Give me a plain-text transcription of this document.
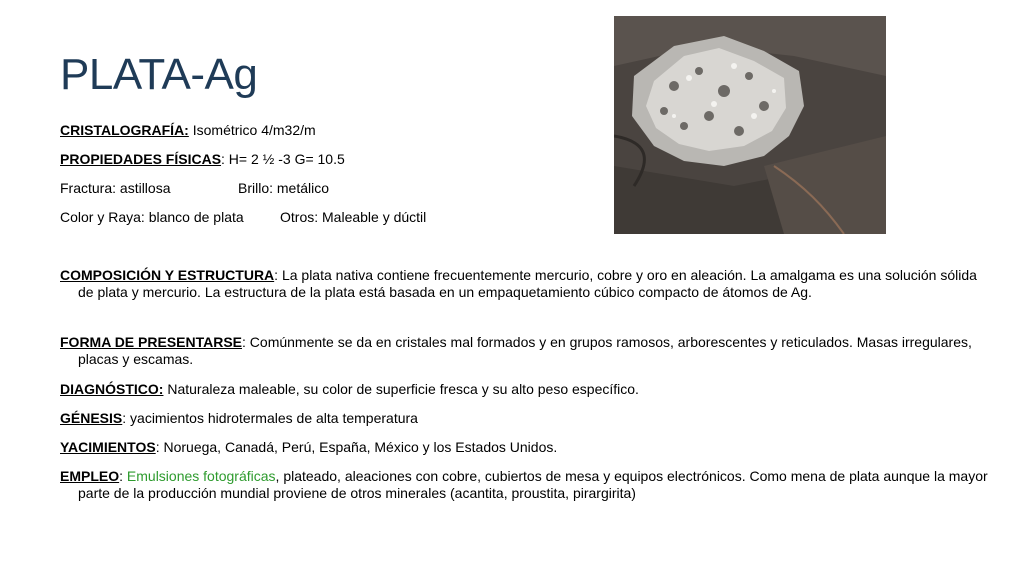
PLATA-Ag
CRISTALOGRAFÍA: Isométrico 4/m32/m
PROPIEDADES FÍSICAS: H= 2 ½ -3 G= 10.5
Fractura: astillosa	Brillo: metálico
Color y Raya: blanco de plata	Otros: Maleable y dúctil
COMPOSICIÓN Y ESTRUCTURA: La plata nativa contiene frecuentemente mercurio, cobre y oro en aleación. La amalgama es una solución sólida de plata y mercurio. La estructura de la plata está basada en un empaquetamiento cúbico compacto de átomos de Ag.
FORMA DE PRESENTARSE: Comúnmente se da en cristales mal formados y en grupos ramosos, arborescentes y reticulados. Masas irregulares, placas y escamas.
DIAGNÓSTICO: Naturaleza maleable, su color de superficie fresca y su alto peso específico.
GÉNESIS: yacimientos hidrotermales de alta temperatura
YACIMIENTOS: Noruega, Canadá, Perú, España, México y los Estados Unidos.
EMPLEO: Emulsiones fotográficas, plateado, aleaciones con cobre, cubiertos de mesa y equipos electrónicos. Como mena de plata aunque la mayor parte de la producción mundial proviene de otros minerales (acantita, proustita, pirargirita)
